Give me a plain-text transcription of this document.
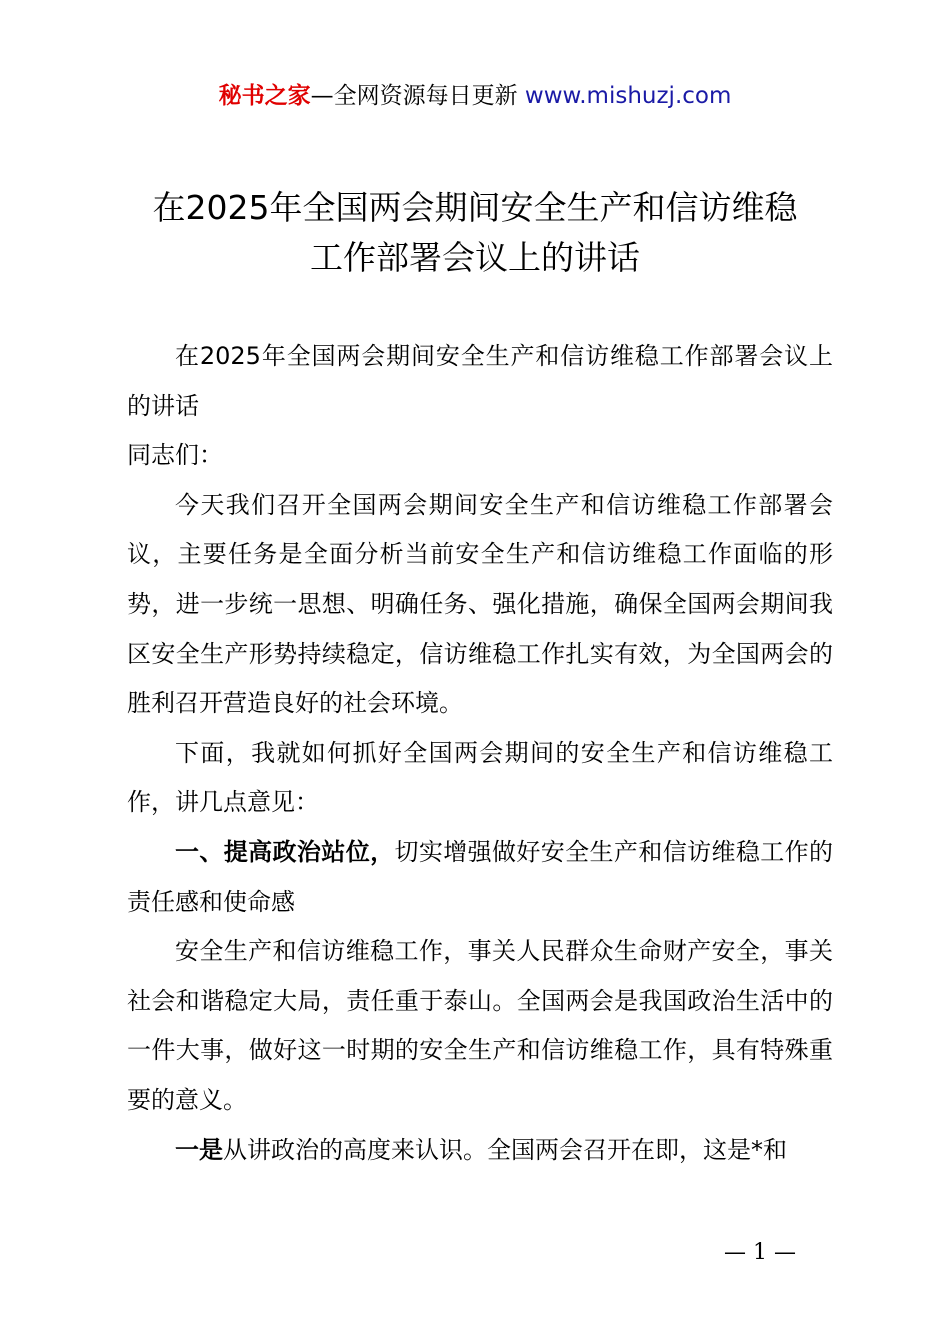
秘书之家—全网资源每日更新 www.mishuzj.com
在2025年全国两会期间安全生产和信访维稳
工作部署会议上的讲话

在2025年全国两会期间安全生产和信访维稳工作部署会议上的讲话

同志们：

今天我们召开全国两会期间安全生产和信访维稳工作部署会议，主要任务是全面分析当前安全生产和信访维稳工作面临的形势，进一步统一思想、明确任务、强化措施，确保全国两会期间我区安全生产形势持续稳定，信访维稳工作扎实有效，为全国两会的胜利召开营造良好的社会环境。

下面，我就如何抓好全国两会期间的安全生产和信访维稳工作，讲几点意见：

一、提高政治站位，切实增强做好安全生产和信访维稳工作的责任感和使命感

安全生产和信访维稳工作，事关人民群众生命财产安全，事关社会和谐稳定大局，责任重于泰山。全国两会是我国政治生活中的一件大事，做好这一时期的安全生产和信访维稳工作，具有特殊重要的意义。

一是从讲政治的高度来认识。全国两会召开在即，这是*和

— 1 —
